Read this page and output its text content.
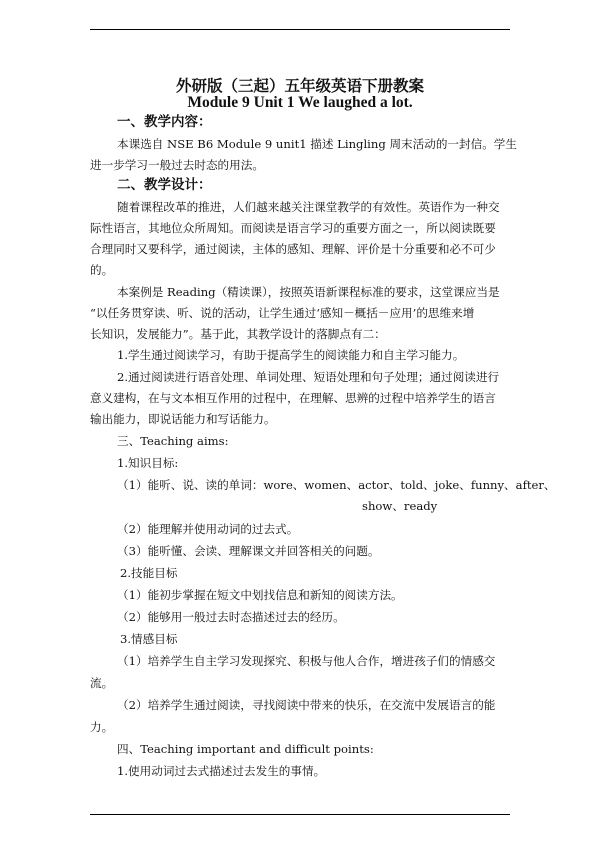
外研版（三起）五年级英语下册教案
Module 9 Unit 1 We laughed a lot.
一、教学内容：
本课选自 NSE B6 Module 9 unit1 描述 Lingling 周末活动的一封信。学生
进一步学习一般过去时态的用法。
二、教学设计：
随着课程改革的推进，人们越来越关注课堂教学的有效性。英语作为一种交
际性语言，其地位众所周知。而阅读是语言学习的重要方面之一，所以阅读既要
合理同时又要科学，通过阅读，主体的感知、理解、评价是十分重要和必不可少
的。
本案例是 Reading（精读课），按照英语新课程标准的要求，这堂课应当是
“以任务贯穿读、听、说的活动，让学生通过‘感知－概括－应用’的思维来增
长知识，发展能力”。基于此，其教学设计的落脚点有二：
1.学生通过阅读学习，有助于提高学生的阅读能力和自主学习能力。
2.通过阅读进行语音处理、单词处理、短语处理和句子处理；通过阅读进行
意义建构，在与文本相互作用的过程中，在理解、思辨的过程中培养学生的语言
输出能力，即说话能力和写话能力。
三、Teaching aims:
1.知识目标:
（1）能听、说、读的单词：wore、women、actor、told、joke、funny、after、
show、ready
（2）能理解并使用动词的过去式。
（3）能听懂、会读、理解课文并回答相关的问题。
2.技能目标
（1）能初步掌握在短文中划找信息和新知的阅读方法。
（2）能够用一般过去时态描述过去的经历。
3.情感目标
（1）培养学生自主学习发现探究、积极与他人合作，增进孩子们的情感交
流。
（2）培养学生通过阅读，寻找阅读中带来的快乐，在交流中发展语言的能
力。
四、Teaching important and difficult points:
1.使用动词过去式描述过去发生的事情。
